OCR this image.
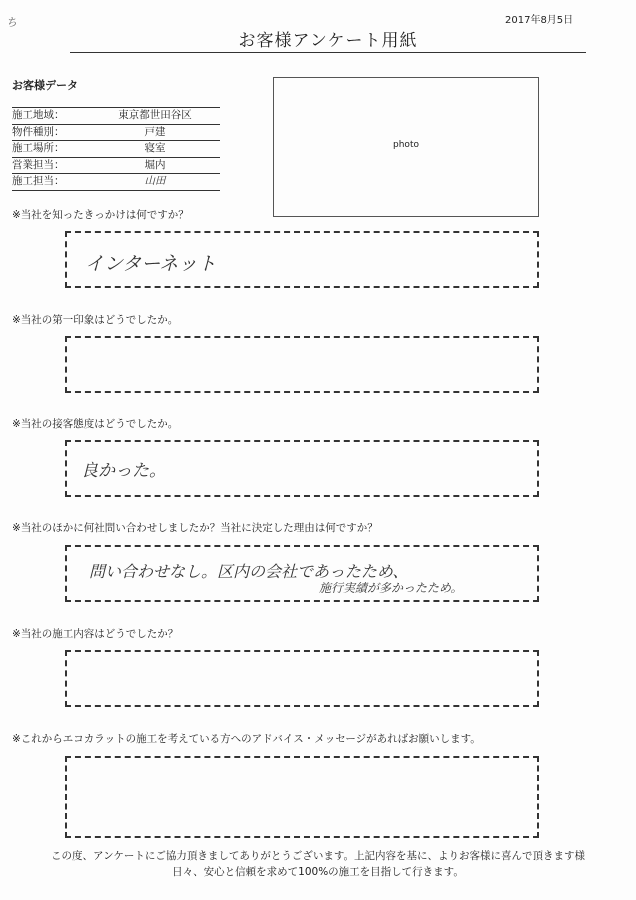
2017年8月5日
ち
お客様アンケート用紙
お客様データ
施工地域：	東京都世田谷区
物件種別：	戸建
施工場所：	寝室
営業担当：	堀内
施工担当：	山田
photo
※当社を知ったきっかけは何ですか？
インターネット
※当社の第一印象はどうでしたか。
※当社の接客態度はどうでしたか。
良かった。
※当社のほかに何社問い合わせしましたか？当社に決定した理由は何ですか？
問い合わせなし。区内の会社であったため、
施行実績が多かったため。
※当社の施工内容はどうでしたか？
※これからエコカラットの施工を考えている方へのアドバイス・メッセージがあればお願いします。
この度、アンケートにご協力頂きましてありがとうございます。上記内容を基に、よりお客様に喜んで頂きます様
日々、安心と信頼を求めて100%の施工を目指して行きます。
